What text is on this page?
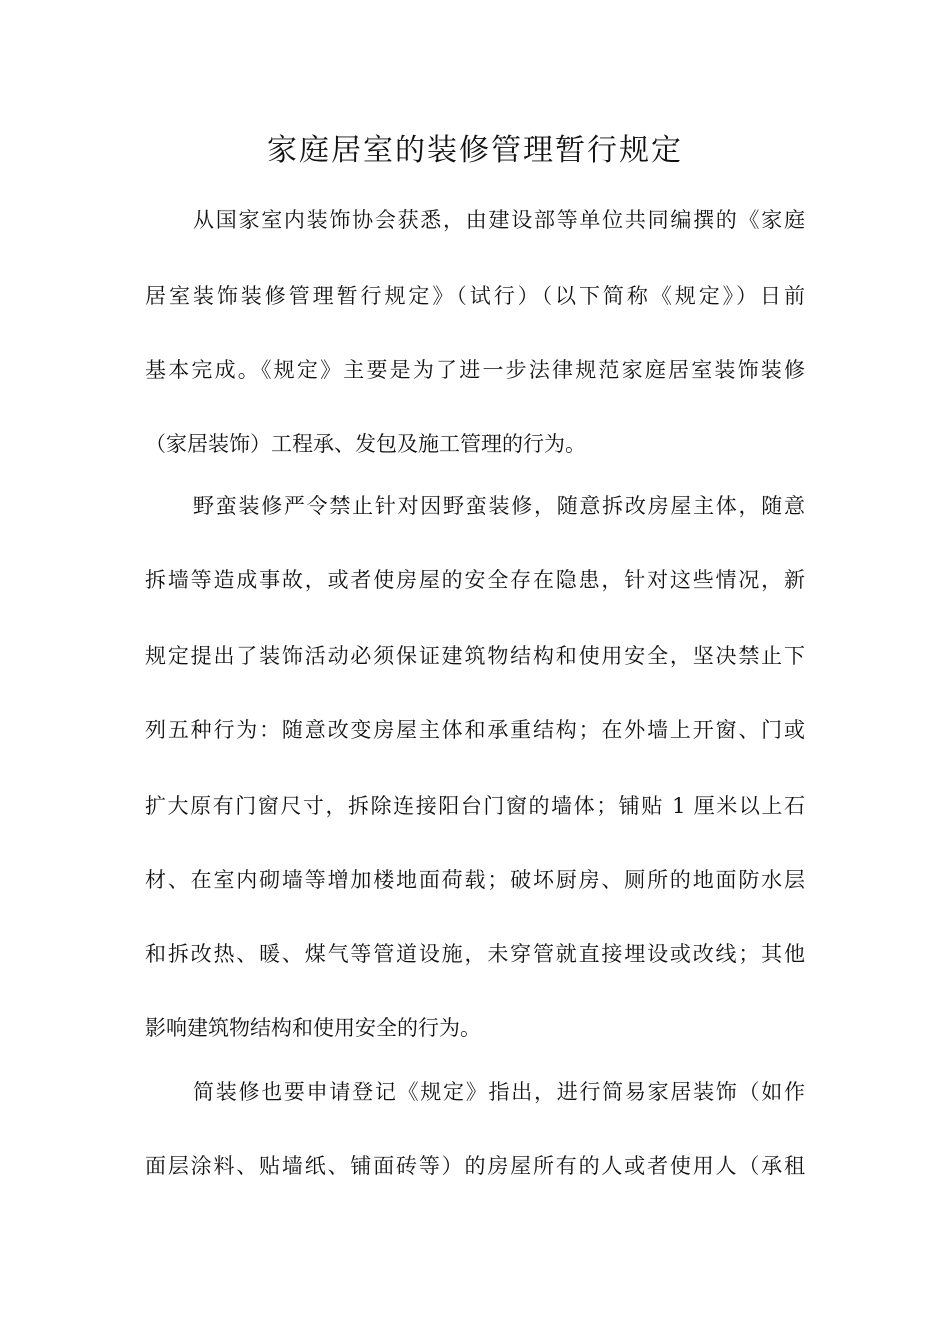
家庭居室的装修管理暂行规定

从国家室内装饰协会获悉，由建设部等单位共同编撰的《家庭

居室装饰装修管理暂行规定》（试行）（以下简称《规定》）日前

基本完成。《规定》主要是为了进一步法律规范家庭居室装饰装修

（家居装饰）工程承、发包及施工管理的行为。

野蛮装修严令禁止针对因野蛮装修，随意拆改房屋主体，随意

拆墙等造成事故，或者使房屋的安全存在隐患，针对这些情况，新

规定提出了装饰活动必须保证建筑物结构和使用安全，坚决禁止下

列五种行为：随意改变房屋主体和承重结构；在外墙上开窗、门或

扩大原有门窗尺寸，拆除连接阳台门窗的墙体；铺贴 1 厘米以上石

材、在室内砌墙等增加楼地面荷载；破坏厨房、厕所的地面防水层

和拆改热、暖、煤气等管道设施，未穿管就直接埋设或改线；其他

影响建筑物结构和使用安全的行为。

简装修也要申请登记《规定》指出，进行简易家居装饰（如作

面层涂料、贴墙纸、铺面砖等）的房屋所有的人或者使用人（承租
